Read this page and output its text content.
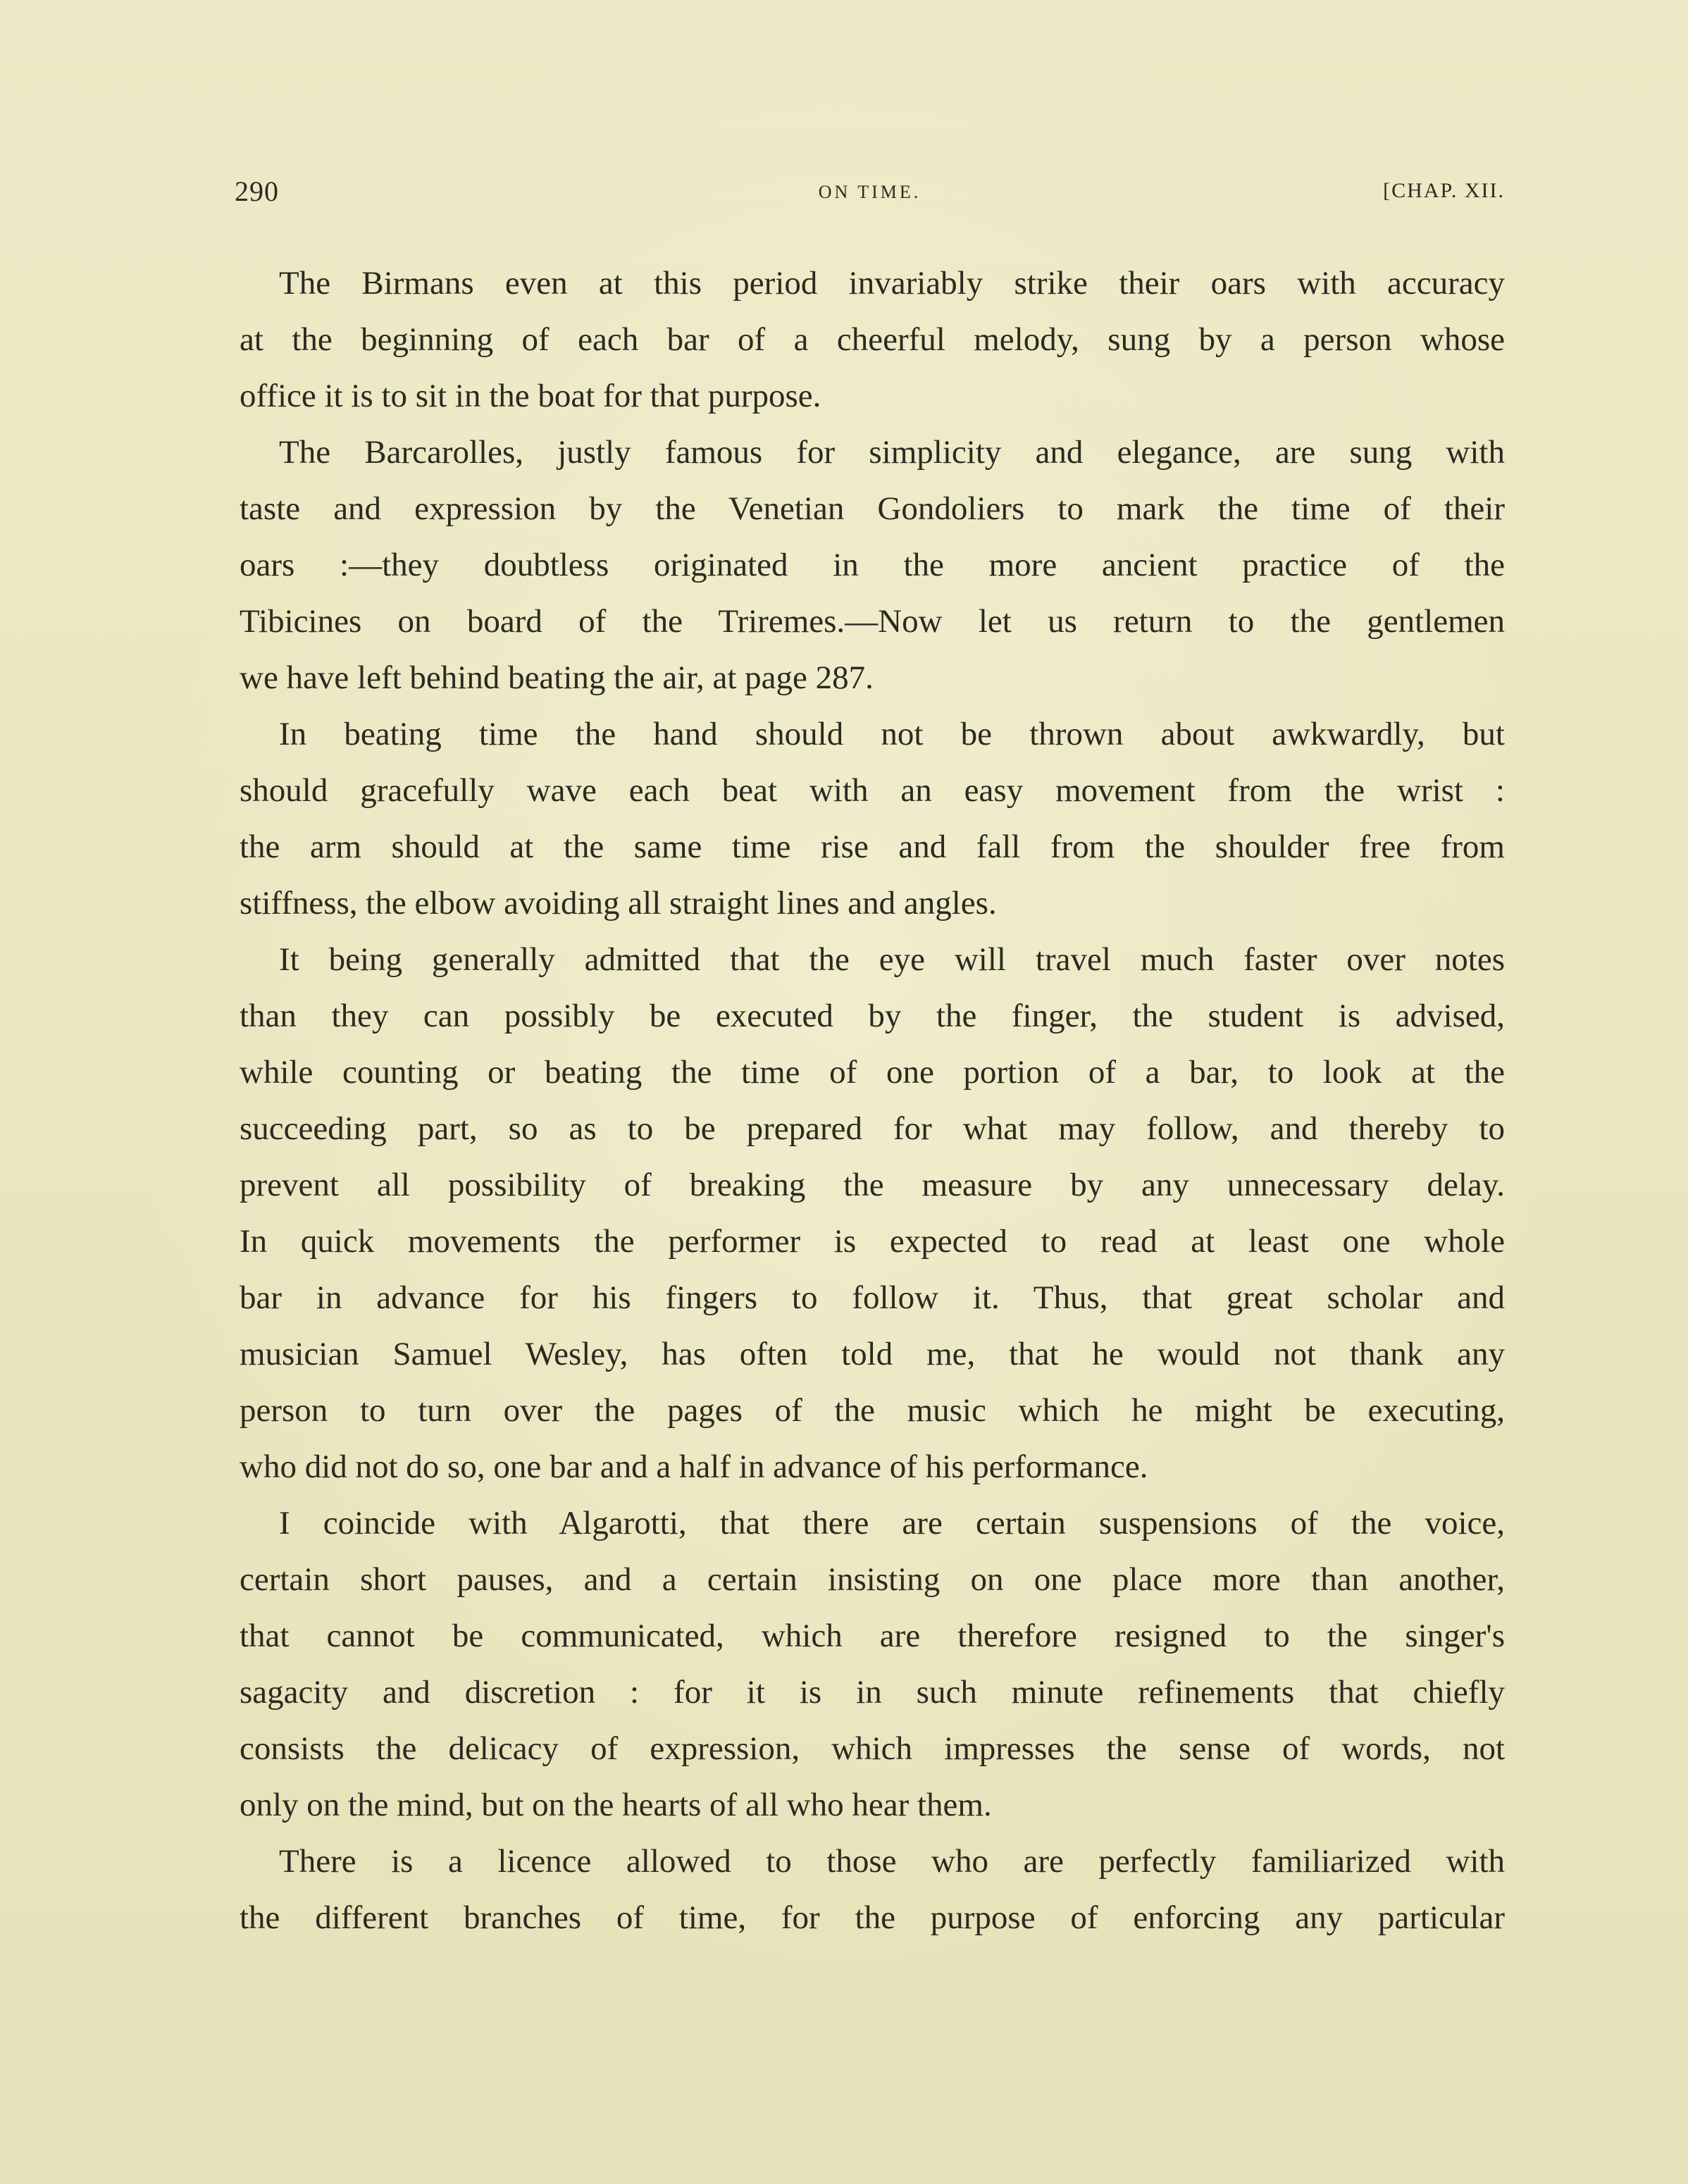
290	ON TIME.	[CHAP. XII.

The Birmans even at this period invariably strike their oars with accuracy
at the beginning of each bar of a cheerful melody, sung by a person whose
office it is to sit in the boat for that purpose.

The Barcarolles, justly famous for simplicity and elegance, are sung with
taste and expression by the Venetian Gondoliers to mark the time of their
oars :—they doubtless originated in the more ancient practice of the
Tibicines on board of the Triremes.—Now let us return to the gentlemen
we have left behind beating the air, at page 287.

In beating time the hand should not be thrown about awkwardly, but
should gracefully wave each beat with an easy movement from the wrist :
the arm should at the same time rise and fall from the shoulder free from
stiffness, the elbow avoiding all straight lines and angles.

It being generally admitted that the eye will travel much faster over notes
than they can possibly be executed by the finger, the student is advised,
while counting or beating the time of one portion of a bar, to look at the
succeeding part, so as to be prepared for what may follow, and thereby to
prevent all possibility of breaking the measure by any unnecessary delay.
In quick movements the performer is expected to read at least one whole
bar in advance for his fingers to follow it. Thus, that great scholar and
musician Samuel Wesley, has often told me, that he would not thank any
person to turn over the pages of the music which he might be executing,
who did not do so, one bar and a half in advance of his performance.

I coincide with Algarotti, that there are certain suspensions of the voice,
certain short pauses, and a certain insisting on one place more than another,
that cannot be communicated, which are therefore resigned to the singer's
sagacity and discretion : for it is in such minute refinements that chiefly
consists the delicacy of expression, which impresses the sense of words, not
only on the mind, but on the hearts of all who hear them.

There is a licence allowed to those who are perfectly familiarized with
the different branches of time, for the purpose of enforcing any particular
